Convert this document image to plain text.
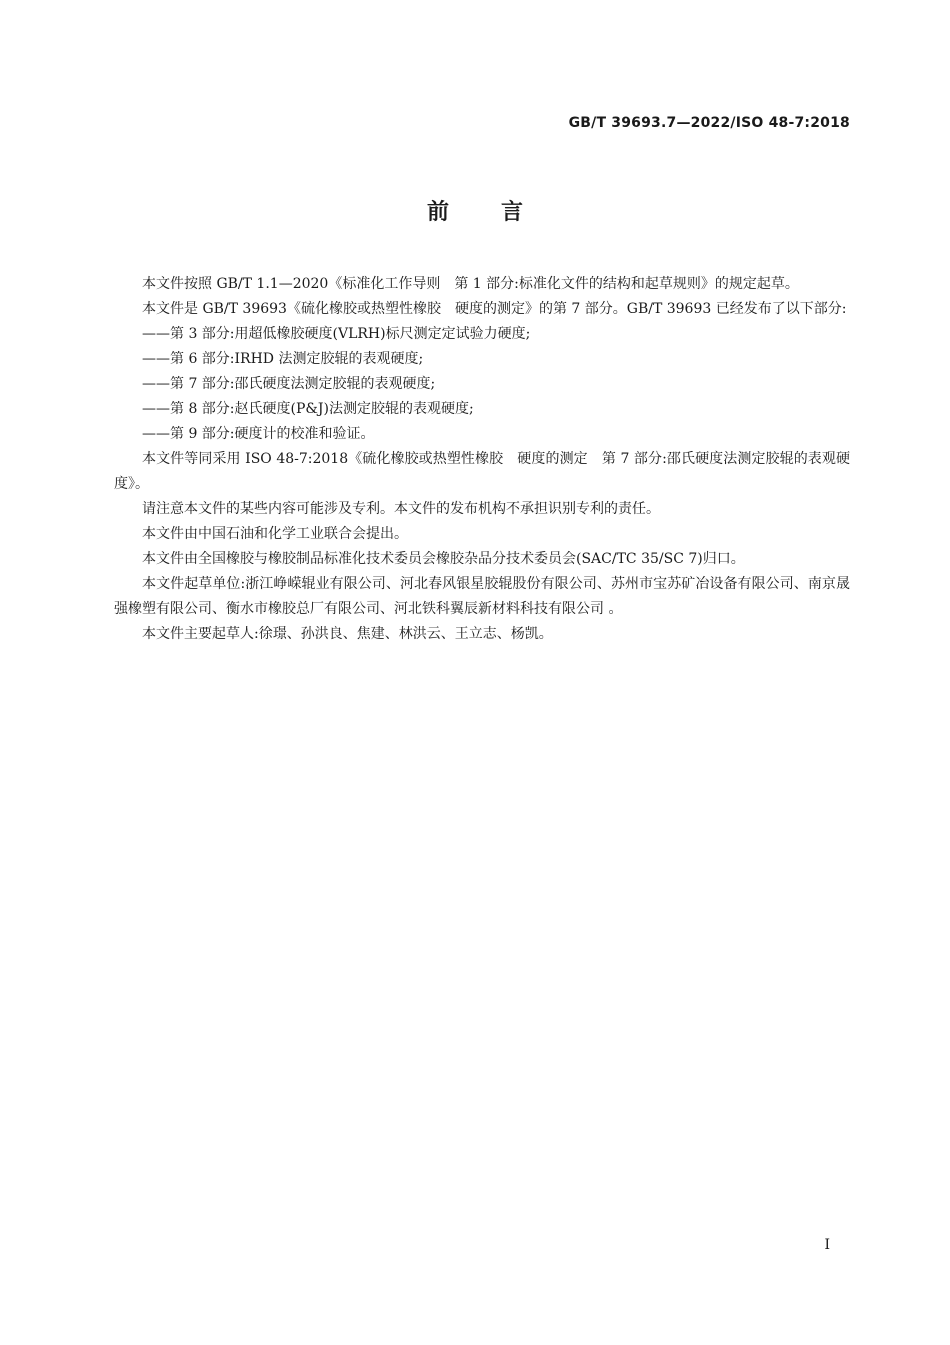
GB/T 39693.7—2022/ISO 48-7:2018
前言

本文件按照 GB/T 1.1—2020《标准化工作导则　第 1 部分:标准化文件的结构和起草规则》的规定起草。

本文件是 GB/T 39693《硫化橡胶或热塑性橡胶　硬度的测定》的第 7 部分。GB/T 39693 已经发布了以下部分:

——第 3 部分:用超低橡胶硬度(VLRH)标尺测定定试验力硬度;

——第 6 部分:IRHD 法测定胶辊的表观硬度;

——第 7 部分:邵氏硬度法测定胶辊的表观硬度;

——第 8 部分:赵氏硬度(P&J)法测定胶辊的表观硬度;

——第 9 部分:硬度计的校准和验证。

本文件等同采用 ISO 48-7:2018《硫化橡胶或热塑性橡胶　硬度的测定　第 7 部分:邵氏硬度法测定胶辊的表观硬度》。

请注意本文件的某些内容可能涉及专利。本文件的发布机构不承担识别专利的责任。

本文件由中国石油和化学工业联合会提出。

本文件由全国橡胶与橡胶制品标准化技术委员会橡胶杂品分技术委员会(SAC/TC 35/SC 7)归口。

本文件起草单位:浙江峥嵘辊业有限公司、河北春风银星胶辊股份有限公司、苏州市宝苏矿冶设备有限公司、南京晟强橡塑有限公司、衡水市橡胶总厂有限公司、河北铁科翼辰新材料科技有限公司 。

本文件主要起草人:徐璟、孙洪良、焦建、林洪云、王立志、杨凯。

I
